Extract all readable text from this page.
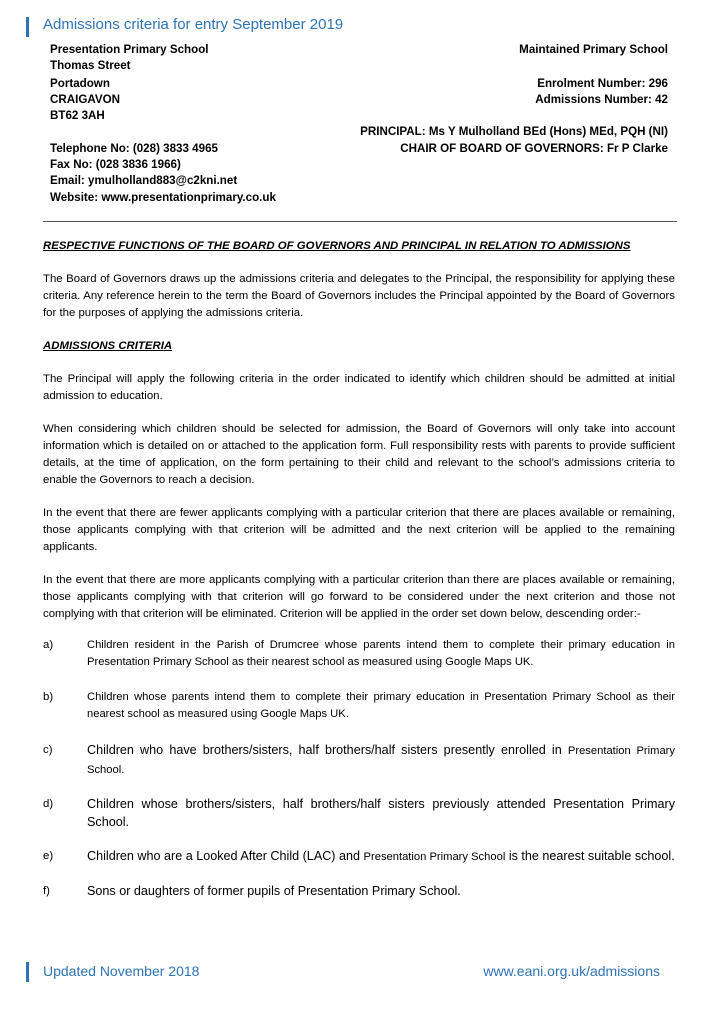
Admissions criteria for entry September 2019
Presentation Primary School
Thomas Street
Portadown
CRAIGAVON
BT62 3AH
Maintained Primary School
Enrolment Number: 296
Admissions Number: 42
PRINCIPAL: Ms Y Mulholland BEd (Hons) MEd, PQH (NI)
Telephone No: (028) 3833 4965	CHAIR OF BOARD OF GOVERNORS: Fr P Clarke
Fax No: (028 3836 1966)
Email: ymulholland883@c2kni.net
Website: www.presentationprimary.co.uk

RESPECTIVE FUNCTIONS OF THE BOARD OF GOVERNORS AND PRINCIPAL IN RELATION TO ADMISSIONS

The Board of Governors draws up the admissions criteria and delegates to the Principal, the responsibility for applying these criteria. Any reference herein to the term the Board of Governors includes the Principal appointed by the Board of Governors for the purposes of applying the admissions criteria.

ADMISSIONS CRITERIA

The Principal will apply the following criteria in the order indicated to identify which children should be admitted at initial admission to education.

When considering which children should be selected for admission, the Board of Governors will only take into account information which is detailed on or attached to the application form. Full responsibility rests with parents to provide sufficient details, at the time of application, on the form pertaining to their child and relevant to the school’s admissions criteria to enable the Governors to reach a decision.

In the event that there are fewer applicants complying with a particular criterion that there are places available or remaining, those applicants complying with that criterion will be admitted and the next criterion will be applied to the remaining applicants.

In the event that there are more applicants complying with a particular criterion than there are places available or remaining, those applicants complying with that criterion will go forward to be considered under the next criterion and those not complying with that criterion will be eliminated. Criterion will be applied in the order set down below, descending order:-

a)	Children resident in the Parish of Drumcree whose parents intend them to complete their primary education in Presentation Primary School as their nearest school as measured using Google Maps UK.
b)	Children whose parents intend them to complete their primary education in Presentation Primary School as their nearest school as measured using Google Maps UK.
c)	Children who have brothers/sisters, half brothers/half sisters presently enrolled in Presentation Primary School.
d)	Children whose brothers/sisters, half brothers/half sisters previously attended Presentation Primary School.
e)	Children who are a Looked After Child (LAC) and Presentation Primary School is the nearest suitable school.
f)	Sons or daughters of former pupils of Presentation Primary School.
Updated November 2018	www.eani.org.uk/admissions
